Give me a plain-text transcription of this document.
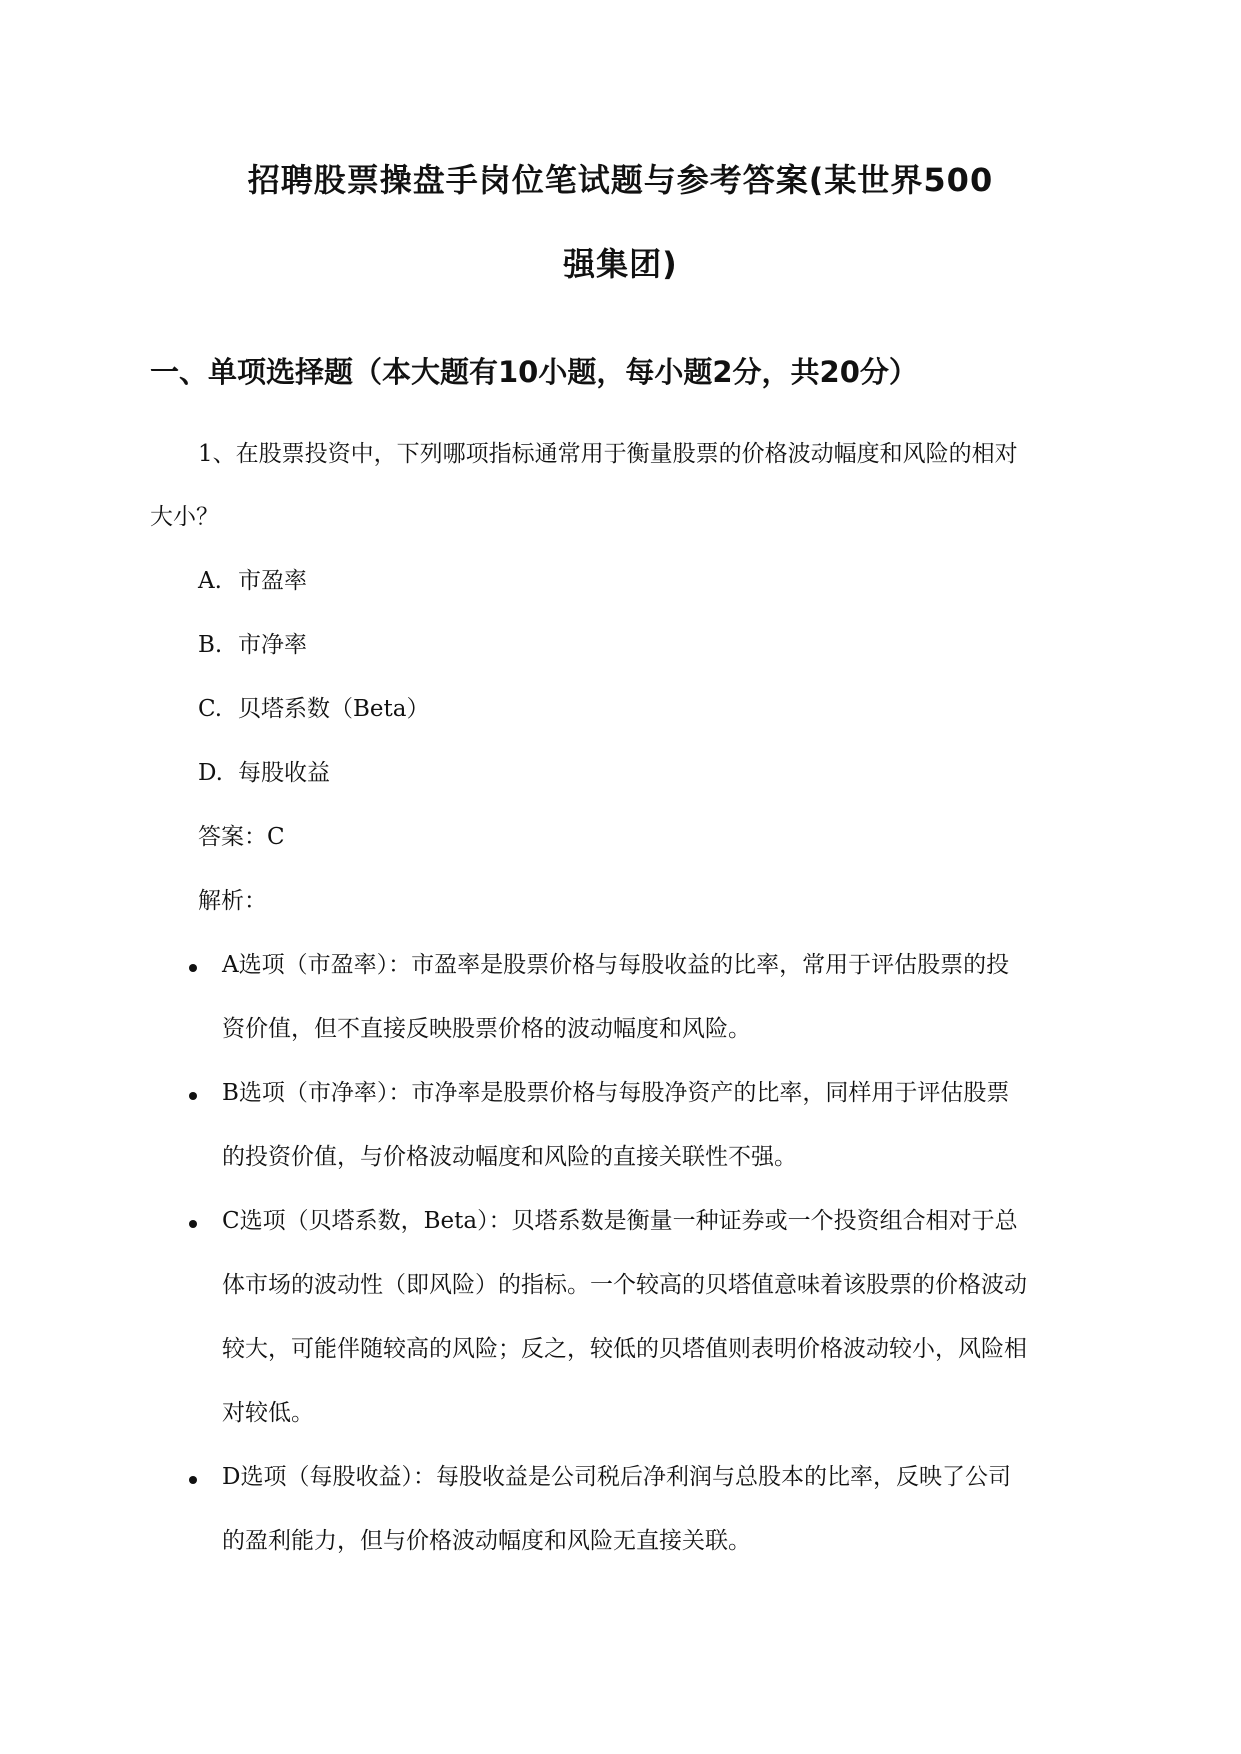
招聘股票操盘手岗位笔试题与参考答案(某世界500
强集团)
一、单项选择题（本大题有10小题，每小题2分，共20分）
1、在股票投资中，下列哪项指标通常用于衡量股票的价格波动幅度和风险的相对
大小？
A. 市盈率
B. 市净率
C. 贝塔系数（Beta）
D. 每股收益
答案：C
解析：
A选项（市盈率）：市盈率是股票价格与每股收益的比率，常用于评估股票的投
资价值，但不直接反映股票价格的波动幅度和风险。
B选项（市净率）：市净率是股票价格与每股净资产的比率，同样用于评估股票
的投资价值，与价格波动幅度和风险的直接关联性不强。
C选项（贝塔系数，Beta）：贝塔系数是衡量一种证券或一个投资组合相对于总
体市场的波动性（即风险）的指标。一个较高的贝塔值意味着该股票的价格波动
较大，可能伴随较高的风险；反之，较低的贝塔值则表明价格波动较小，风险相
对较低。
D选项（每股收益）：每股收益是公司税后净利润与总股本的比率，反映了公司
的盈利能力，但与价格波动幅度和风险无直接关联。
